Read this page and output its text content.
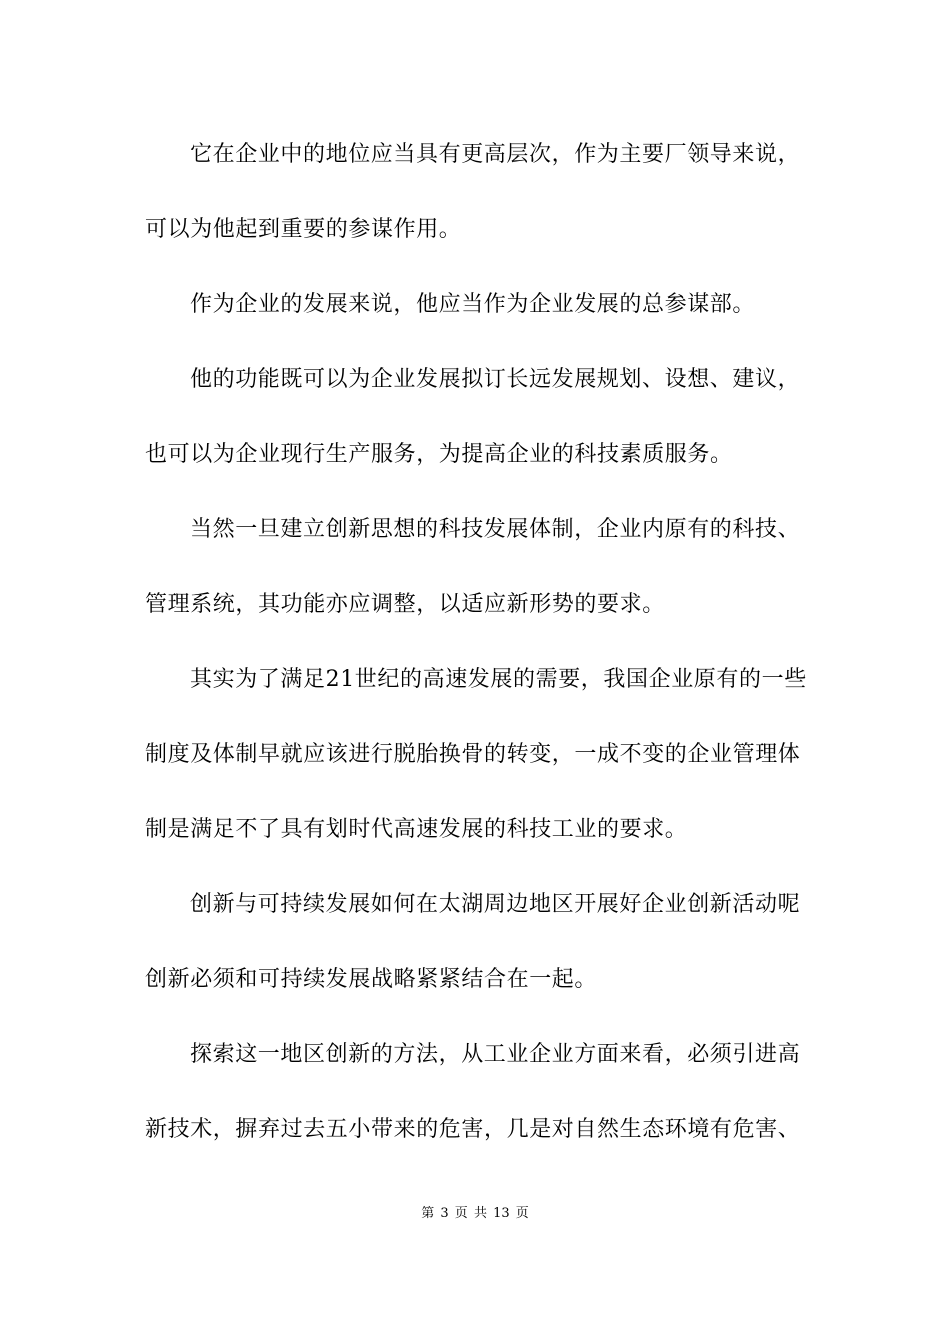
它在企业中的地位应当具有更高层次，作为主要厂领导来说，
可以为他起到重要的参谋作用。
作为企业的发展来说，他应当作为企业发展的总参谋部。
他的功能既可以为企业发展拟订长远发展规划、设想、建议，
也可以为企业现行生产服务，为提高企业的科技素质服务。
当然一旦建立创新思想的科技发展体制，企业内原有的科技、
管理系统，其功能亦应调整，以适应新形势的要求。
其实为了满足21世纪的高速发展的需要，我国企业原有的一些
制度及体制早就应该进行脱胎换骨的转变，一成不变的企业管理体
制是满足不了具有划时代高速发展的科技工业的要求。
创新与可持续发展如何在太湖周边地区开展好企业创新活动呢
创新必须和可持续发展战略紧紧结合在一起。
探索这一地区创新的方法，从工业企业方面来看，必须引进高
新技术，摒弃过去五小带来的危害，几是对自然生态环境有危害、
第 3 页 共 13 页
